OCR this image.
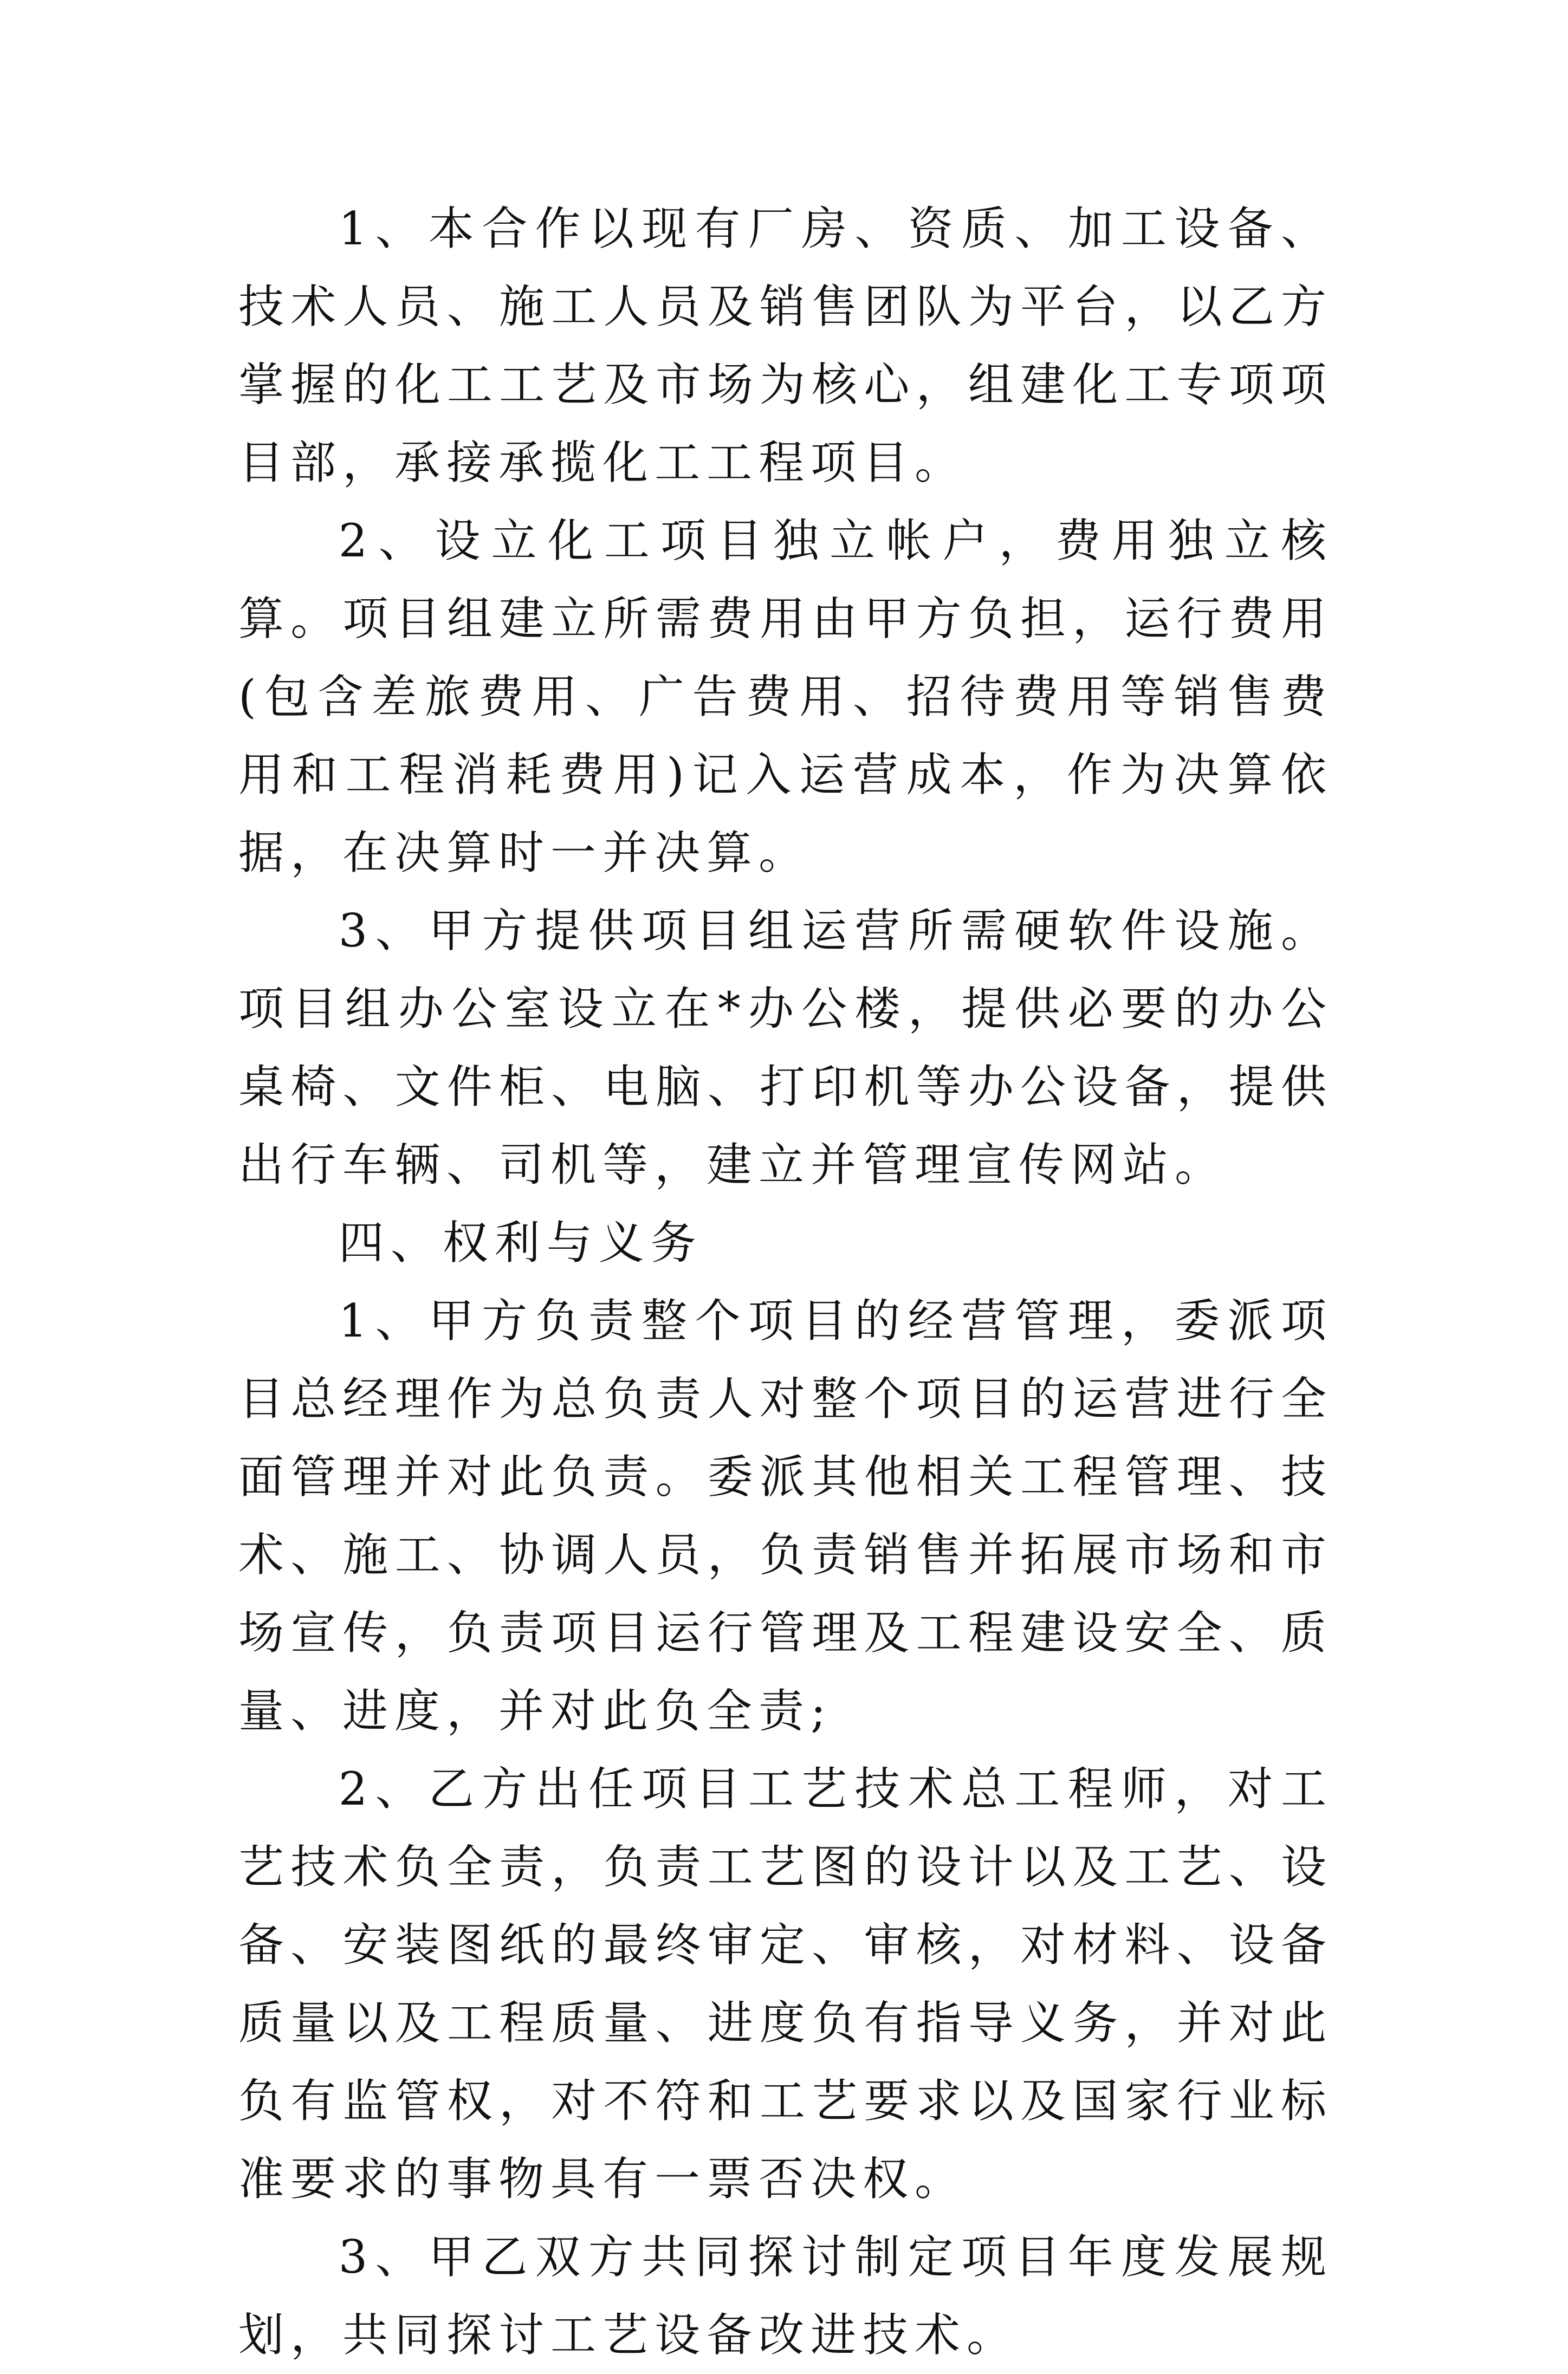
1、本合作以现有厂房、资质、加工设备、技术人员、施工人员及销售团队为平台，以乙方掌握的化工工艺及市场为核心，组建化工专项项目部，承接承揽化工工程项目。

2、设立化工项目独立帐户，费用独立核算。项目组建立所需费用由甲方负担，运行费用(包含差旅费用、广告费用、招待费用等销售费用和工程消耗费用)记入运营成本，作为决算依据，在决算时一并决算。

3、甲方提供项目组运营所需硬软件设施。项目组办公室设立在*办公楼，提供必要的办公桌椅、文件柜、电脑、打印机等办公设备，提供出行车辆、司机等，建立并管理宣传网站。

四、权利与义务

1、甲方负责整个项目的经营管理，委派项目总经理作为总负责人对整个项目的运营进行全面管理并对此负责。委派其他相关工程管理、技术、施工、协调人员，负责销售并拓展市场和市场宣传，负责项目运行管理及工程建设安全、质量、进度，并对此负全责;

2、乙方出任项目工艺技术总工程师，对工艺技术负全责，负责工艺图的设计以及工艺、设备、安装图纸的最终审定、审核，对材料、设备质量以及工程质量、进度负有指导义务，并对此负有监管权，对不符和工艺要求以及国家行业标准要求的事物具有一票否决权。

3、甲乙双方共同探讨制定项目年度发展规划，共同探讨工艺设备改进技术。
